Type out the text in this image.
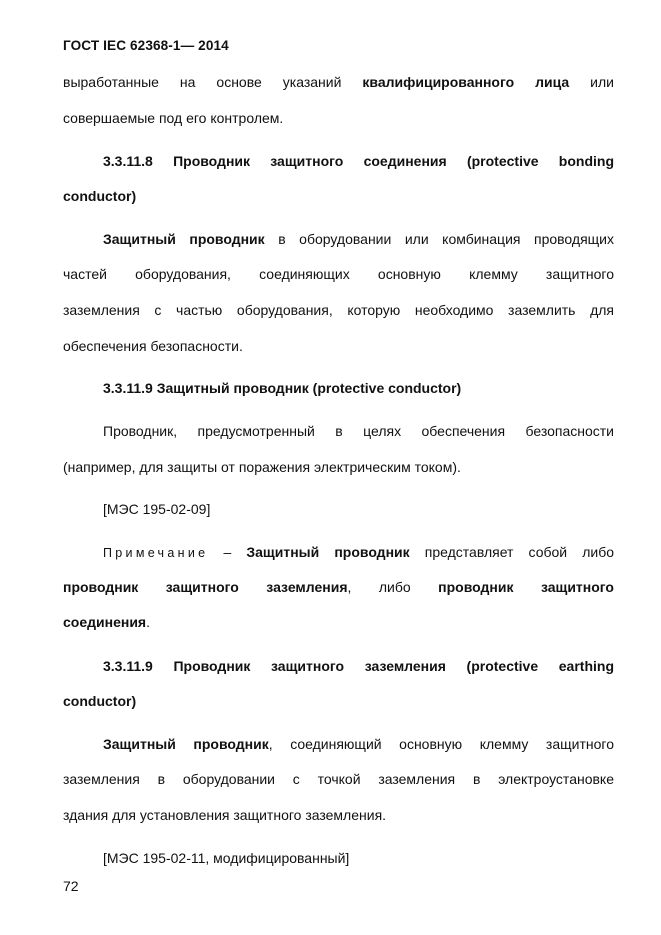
ГОСТ IEC 62368-1— 2014
выработанные на основе указаний квалифицированного лица или
совершаемые под его контролем.
3.3.11.8 Проводник защитного соединения (protective bonding
conductor)
Защитный проводник в оборудовании или комбинация проводящих
частей оборудования, соединяющих основную клемму защитного
заземления с частью оборудования, которую необходимо заземлить для
обеспечения безопасности.
3.3.11.9 Защитный проводник (protective conductor)
Проводник, предусмотренный в целях обеспечения безопасности
(например, для защиты от поражения электрическим током).
[МЭС 195-02-09]
Примечание – Защитный проводник представляет собой либо
проводник защитного заземления, либо проводник защитного
соединения.
3.3.11.9 Проводник защитного заземления (protective earthing
conductor)
Защитный проводник, соединяющий основную клемму защитного
заземления в оборудовании с точкой заземления в электроустановке
здания для установления защитного заземления.
[МЭС 195-02-11, модифицированный]
72
